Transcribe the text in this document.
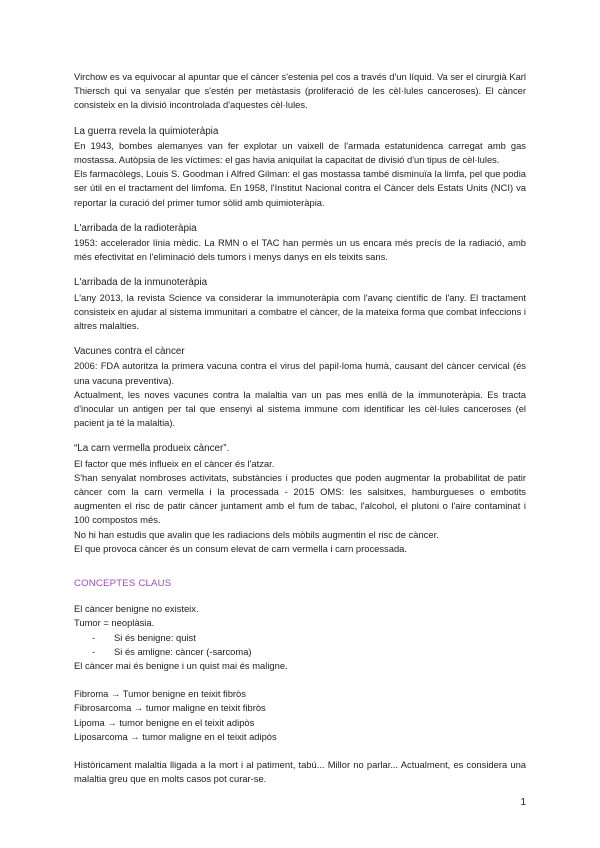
Virchow es va equivocar al apuntar que el càncer s'estenia pel cos a través d'un líquid. Va ser el cirurgià Karl Thiersch qui va senyalar que s'estén per metàstasis (proliferació de les cèl·lules canceroses). El càncer consisteix en la divisió incontrolada d'aquestes cèl·lules.

La guerra revela la quimioteràpia

En 1943, bombes alemanyes van fer explotar un vaixell de l'armada estatunidenca carregat amb gas mostassa. Autòpsia de les víctimes: el gas havia aniquilat la capacitat de divisió d'un tipus de cèl·lules.

Els farmacòlegs, Louis S. Goodman i Alfred Gilman: el gas mostassa també disminuïa la limfa, pel que podia ser útil en el tractament del limfoma. En 1958, l'Institut Nacional contra el Càncer dels Estats Units (NCI) va reportar la curació del primer tumor sòlid amb quimioteràpia.

L'arribada de la radioteràpia

1953: accelerador línia mèdic. La RMN o el TAC han permès un us encara més precís de la radiació, amb més efectivitat en l'eliminació dels tumors i menys danys en els teixits sans.

L'arribada de la inmunoteràpia

L'any 2013, la revista Science va considerar la immunoteràpia com l'avanç científic de l'any. El tractament consisteix en ajudar al sistema immunitari a combatre el càncer, de la mateixa forma que combat infeccions i altres malalties.

Vacunes contra el càncer

2006: FDA autoritza la primera vacuna contra el virus del papil·loma humà, causant del càncer cervical (és una vacuna preventiva).

Actualment, les noves vacunes contra la malaltia van un pas mes enllà de la immunoteràpia. Es tracta d'inocular un antigen per tal que ensenyi al sistema immune com identificar les cèl·lules canceroses (el pacient ja té la malaltia).

“La carn vermella produeix càncer”.

El factor que més influeix en el càncer és l'atzar.

S'han senyalat nombroses activitats, substàncies i productes que poden augmentar la probabilitat de patir càncer com la carn vermella i la processada - 2015 OMS: les salsitxes, hamburgueses o embotits augmenten el risc de patir càncer juntament amb el fum de tabac, l'alcohol, el plutoni o l'aire contaminat i 100 compostos més.

No hi han estudis que avalin que les radiacions dels mòbils augmentin el risc de càncer.

El que provoca càncer és un consum elevat de carn vermella i carn processada.

CONCEPTES CLAUS

El càncer benigne no existeix.

Tumor = neoplàsia.

-	Si és benigne: quist
-	Si és amligne: càncer (-sarcoma)

El càncer mai és benigne i un quist mai és maligne.

Fibroma → Tumor benigne en teixit fibròs

Fibrosarcoma → tumor maligne en teixit fibròs

Lipoma → tumor benigne en el teixit adipòs

Liposarcoma → tumor maligne en el teixit adipòs

Històricament malaltia lligada a la mort i al patiment, tabú... Millor no parlar... Actualment, es considera una malaltia greu que en molts casos pot curar-se.

1
